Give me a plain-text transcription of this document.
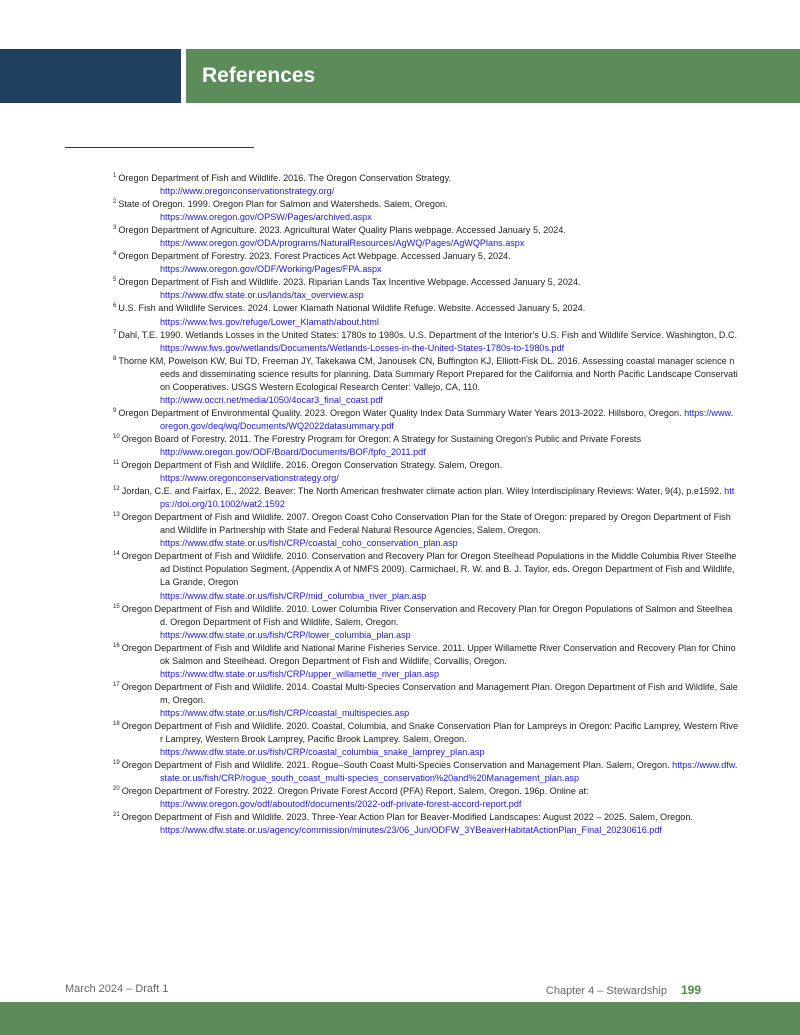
References
$^1$ Oregon Department of Fish and Wildlife. 2016. The Oregon Conservation Strategy.
http://www.oregonconservationstrategy.org/
$^2$ State of Oregon. 1999. Oregon Plan for Salmon and Watersheds. Salem, Oregon.
https://www.oregon.gov/OPSW/Pages/archived.aspx
$^3$ Oregon Department of Agriculture. 2023. Agricultural Water Quality Plans webpage. Accessed January 5, 2024.
https://www.oregon.gov/ODA/programs/NaturalResources/AgWQ/Pages/AgWQPlans.aspx
$^4$ Oregon Department of Forestry. 2023. Forest Practices Act Webpage. Accessed January 5, 2024.
https://www.oregon.gov/ODF/Working/Pages/FPA.aspx
$^5$ Oregon Department of Fish and Wildlife. 2023. Riparian Lands Tax Incentive Webpage. Accessed January 5, 2024.
https://www.dfw.state.or.us/lands/tax_overview.asp
$^6$ U.S. Fish and Wildlife Services. 2024. Lower Klamath National Wildlife Refuge. Website. Accessed January 5, 2024.
https://www.fws.gov/refuge/Lower_Klamath/about.html
$^7$ Dahl, T.E. 1990. Wetlands Losses in the United States: 1780s to 1980s. U.S. Department of the Interior's U.S. Fish and Wildlife Service. Washington, D.C. https://www.fws.gov/wetlands/Documents/Wetlands-Losses-in-the-United-States-1780s-to-1980s.pdf
$^8$ Thorne KM, Powelson KW, Bui TD, Freeman JY, Takekawa CM, Janousek CN, Buffington KJ, Elliott-Fisk DL. 2016. Assessing coastal manager science needs and disseminating science results for planning. Data Summary Report Prepared for the California and North Pacific Landscape Conservation Cooperatives. USGS Western Ecological Research Center: Vallejo, CA, 110.
http://www.occri.net/media/1050/4ocar3_final_coast.pdf
$^9$ Oregon Department of Environmental Quality. 2023. Oregon Water Quality Index Data Summary Water Years 2013-2022. Hillsboro, Oregon. https://www.oregon.gov/deq/wq/Documents/WQ2022datasummary.pdf
$^{10}$ Oregon Board of Forestry. 2011. The Forestry Program for Oregon: A Strategy for Sustaining Oregon's Public and Private Forests
http://www.oregon.gov/ODF/Board/Documents/BOF/fpfo_2011.pdf
$^{11}$ Oregon Department of Fish and Wildlife. 2016. Oregon Conservation Strategy. Salem, Oregon.
https://www.oregonconservationstrategy.org/
$^{12}$ Jordan, C.E. and Fairfax, E., 2022. Beaver: The North American freshwater climate action plan. Wiley Interdisciplinary Reviews: Water, 9(4), p.e1592. https://doi.org/10.1002/wat2.1592
$^{13}$ Oregon Department of Fish and Wildlife. 2007. Oregon Coast Coho Conservation Plan for the State of Oregon: prepared by Oregon Department of Fish and Wildlife in Partnership with State and Federal Natural Resource Agencies, Salem, Oregon.
https://www.dfw.state.or.us/fish/CRP/coastal_coho_conservation_plan.asp
$^{14}$ Oregon Department of Fish and Wildlife. 2010. Conservation and Recovery Plan for Oregon Steelhead Populations in the Middle Columbia River Steelhead Distinct Population Segment, (Appendix A of NMFS 2009). Carmichael, R. W. and B. J. Taylor, eds. Oregon Department of Fish and Wildlife, La Grande, Oregon
https://www.dfw.state.or.us/fish/CRP/mid_columbia_river_plan.asp
$^{15}$ Oregon Department of Fish and Wildlife. 2010. Lower Columbia River Conservation and Recovery Plan for Oregon Populations of Salmon and Steelhead. Oregon Department of Fish and Wildlife, Salem, Oregon.
https://www.dfw.state.or.us/fish/CRP/lower_columbia_plan.asp
$^{16}$ Oregon Department of Fish and Wildlife and National Marine Fisheries Service. 2011. Upper Willamette River Conservation and Recovery Plan for Chinook Salmon and Steelhead. Oregon Department of Fish and Wildlife, Corvallis, Oregon.
https://www.dfw.state.or.us/fish/CRP/upper_willamette_river_plan.asp
$^{17}$ Oregon Department of Fish and Wildlife. 2014. Coastal Multi-Species Conservation and Management Plan. Oregon Department of Fish and Wildlife, Salem, Oregon.
https://www.dfw.state.or.us/fish/CRP/coastal_multispecies.asp
$^{18}$ Oregon Department of Fish and Wildlife. 2020. Coastal, Columbia, and Snake Conservation Plan for Lampreys in Oregon: Pacific Lamprey, Western River Lamprey, Western Brook Lamprey, Pacific Brook Lamprey. Salem, Oregon.
https://www.dfw.state.or.us/fish/CRP/coastal_columbia_snake_lamprey_plan.asp
$^{19}$ Oregon Department of Fish and Wildlife. 2021. Rogue–South Coast Multi-Species Conservation and Management Plan. Salem, Oregon. https://www.dfw.state.or.us/fish/CRP/rogue_south_coast_multi-species_conservation%20and%20Management_plan.asp
$^{20}$ Oregon Department of Forestry. 2022. Oregon Private Forest Accord (PFA) Report. Salem, Oregon. 196p. Online at:
https://www.oregon.gov/odf/aboutodf/documents/2022-odf-private-forest-accord-report.pdf
$^{21}$ Oregon Department of Fish and Wildlife. 2023. Three-Year Action Plan for Beaver-Modified Landscapes: August 2022 – 2025. Salem, Oregon.
https://www.dfw.state.or.us/agency/commission/minutes/23/06_Jun/ODFW_3YBeaverHabitatActionPlan_Final_20230616.pdf
March 2024 – Draft 1	Chapter 4 – Stewardship 199
